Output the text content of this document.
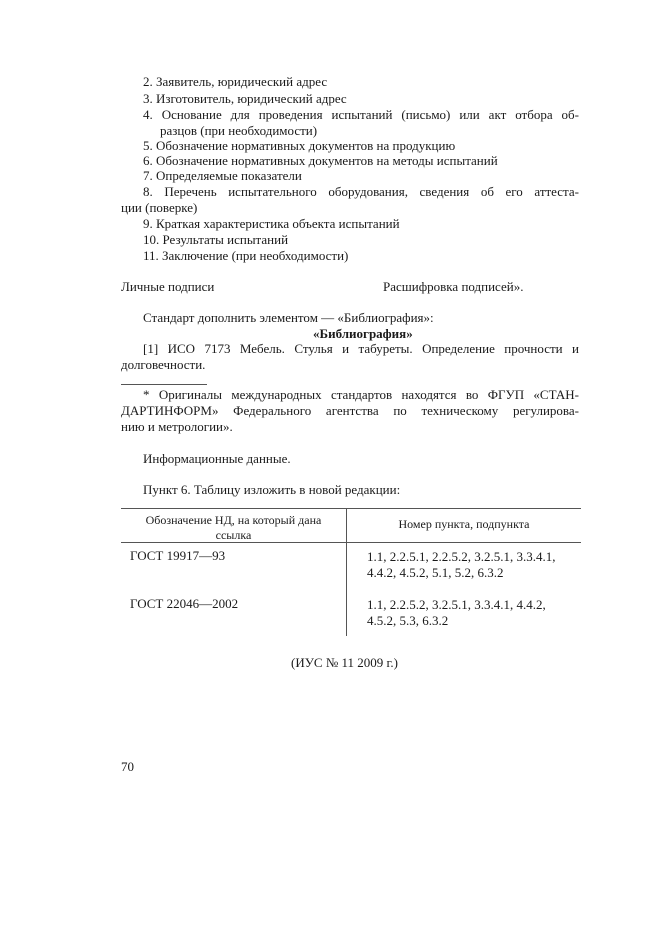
2. Заявитель, юридический адрес
3. Изготовитель, юридический адрес
4. Основание для проведения испытаний (письмо) или акт отбора об-
разцов (при необходимости)
5. Обозначение нормативных документов на продукцию
6. Обозначение нормативных документов на методы испытаний
7. Определяемые показатели
8. Перечень испытательного оборудования, сведения об его аттеста-
ции (поверке)
9. Краткая характеристика объекта испытаний
10. Результаты испытаний
11. Заключение (при необходимости)
Личные подписи	Расшифровка подписей».
Стандарт дополнить элементом — «Библиография»:
«Библиография»
[1] ИСО 7173 Мебель. Стулья и табуреты. Определение прочности и
долговечности.
* Оригиналы международных стандартов находятся во ФГУП «СТАН-
ДАРТИНФОРМ» Федерального агентства по техническому регулирова-
нию и метрологии».
Информационные данные.
Пункт 6. Таблицу изложить в новой редакции:
Обозначение НД, на который дана
ссылка
Номер пункта, подпункта
ГОСТ 19917—93	1.1, 2.2.5.1, 2.2.5.2, 3.2.5.1, 3.3.4.1,
4.4.2, 4.5.2, 5.1, 5.2, 6.3.2
ГОСТ 22046—2002	1.1, 2.2.5.2, 3.2.5.1, 3.3.4.1, 4.4.2,
4.5.2, 5.3, 6.3.2
(ИУС № 11 2009 г.)
70
